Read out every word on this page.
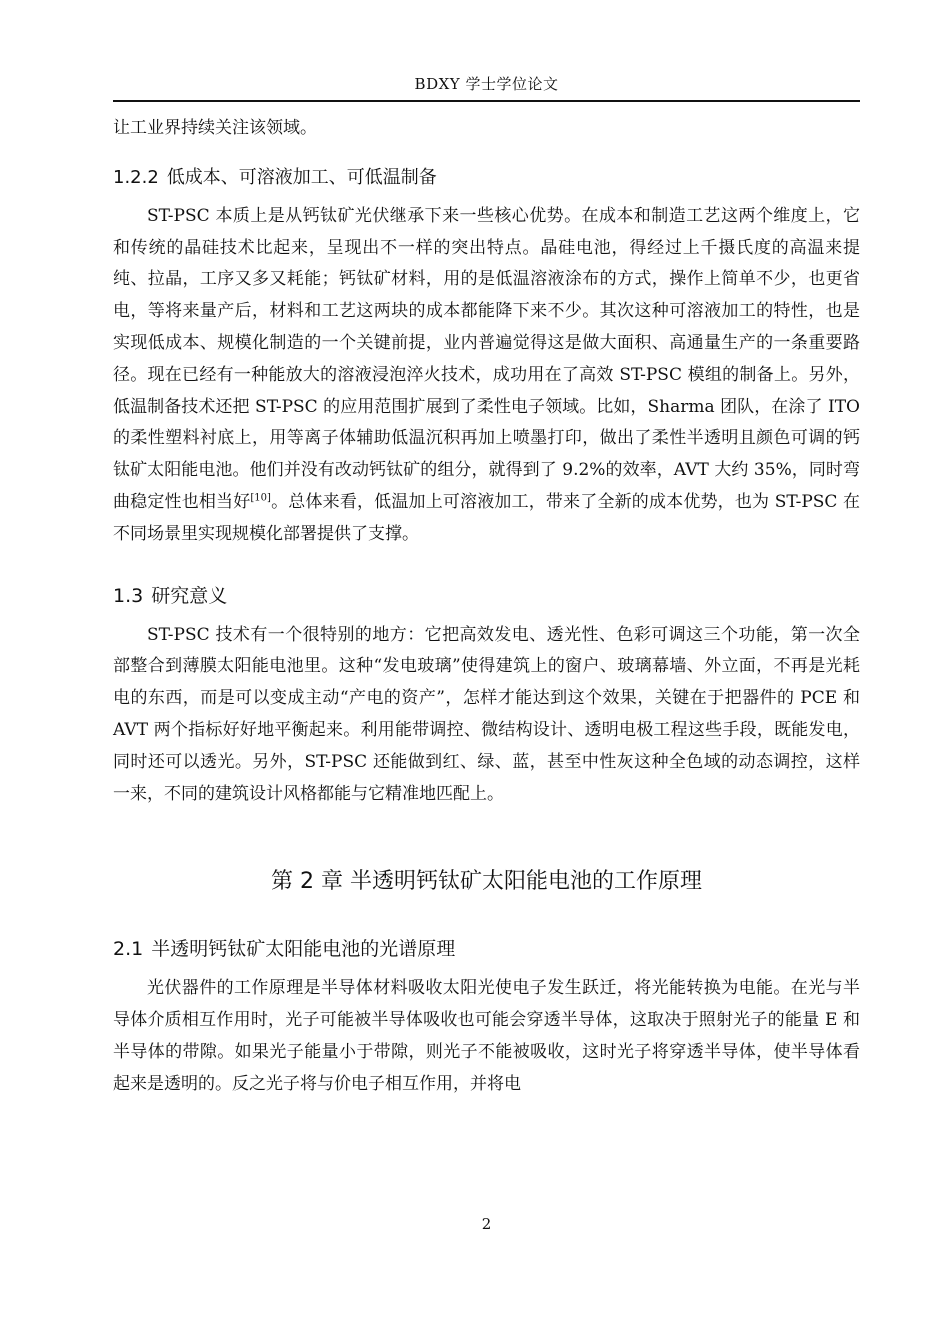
BDXY 学士学位论文

让工业界持续关注该领域。

1.2.2 低成本、可溶液加工、可低温制备

ST-PSC 本质上是从钙钛矿光伏继承下来一些核心优势。在成本和制造工艺这两个维度上，它和传统的晶硅技术比起来，呈现出不一样的突出特点。晶硅电池，得经过上千摄氏度的高温来提纯、拉晶，工序又多又耗能；钙钛矿材料，用的是低温溶液涂布的方式，操作上简单不少，也更省电，等将来量产后，材料和工艺这两块的成本都能降下来不少。其次这种可溶液加工的特性，也是实现低成本、规模化制造的一个关键前提，业内普遍觉得这是做大面积、高通量生产的一条重要路径。现在已经有一种能放大的溶液浸泡淬火技术，成功用在了高效 ST-PSC 模组的制备上。另外，低温制备技术还把 ST-PSC 的应用范围扩展到了柔性电子领域。比如，Sharma 团队，在涂了 ITO 的柔性塑料衬底上，用等离子体辅助低温沉积再加上喷墨打印，做出了柔性半透明且颜色可调的钙钛矿太阳能电池。他们并没有改动钙钛矿的组分，就得到了 9.2%的效率，AVT 大约 35%，同时弯曲稳定性也相当好[10]。总体来看，低温加上可溶液加工，带来了全新的成本优势，也为 ST-PSC 在不同场景里实现规模化部署提供了支撑。

1.3 研究意义

ST-PSC 技术有一个很特别的地方：它把高效发电、透光性、色彩可调这三个功能，第一次全部整合到薄膜太阳能电池里。这种“发电玻璃”使得建筑上的窗户、玻璃幕墙、外立面，不再是光耗电的东西，而是可以变成主动“产电的资产”，怎样才能达到这个效果，关键在于把器件的 PCE 和 AVT 两个指标好好地平衡起来。利用能带调控、微结构设计、透明电极工程这些手段，既能发电，同时还可以透光。另外，ST-PSC 还能做到红、绿、蓝，甚至中性灰这种全色域的动态调控，这样一来，不同的建筑设计风格都能与它精准地匹配上。

第 2 章 半透明钙钛矿太阳能电池的工作原理
2.1 半透明钙钛矿太阳能电池的光谱原理

光伏器件的工作原理是半导体材料吸收太阳光使电子发生跃迁，将光能转换为电能。在光与半导体介质相互作用时，光子可能被半导体吸收也可能会穿透半导体，这取决于照射光子的能量 E 和半导体的带隙。如果光子能量小于带隙，则光子不能被吸收，这时光子将穿透半导体，使半导体看起来是透明的。反之光子将与价电子相互作用，并将电

2
